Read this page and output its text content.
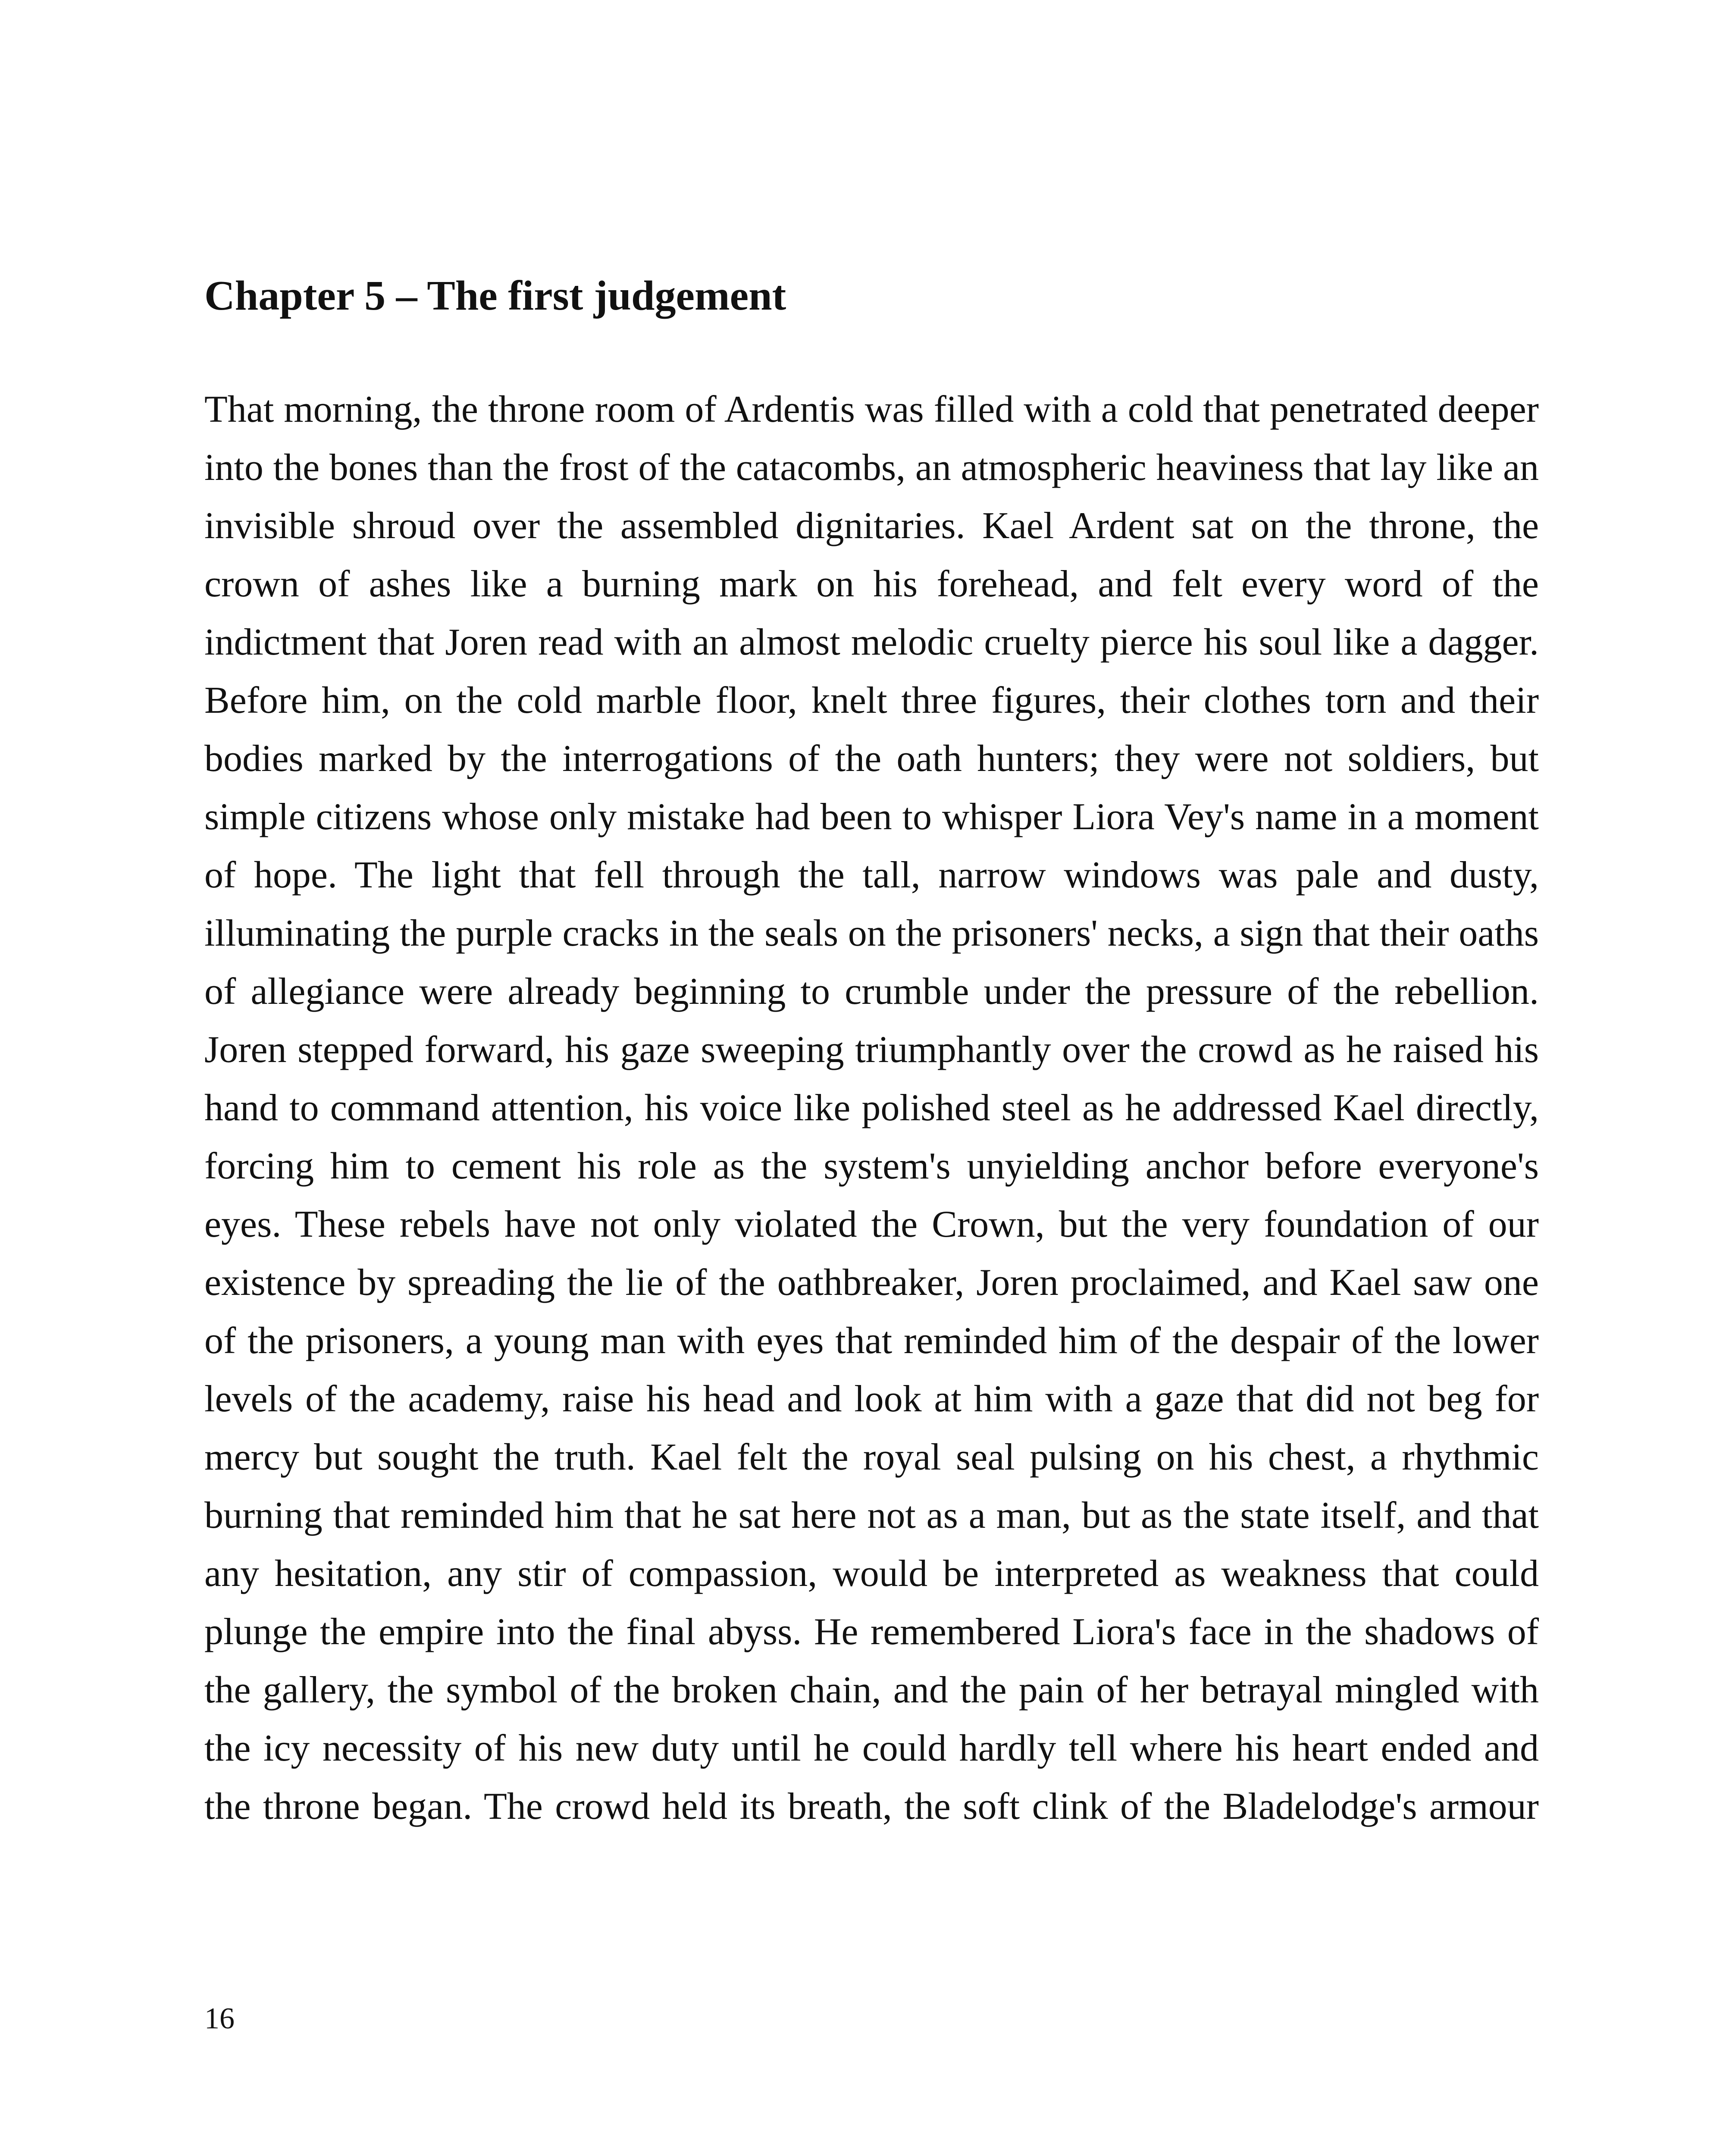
Chapter 5 – The first judgement

That morning, the throne room of Ardentis was filled with a cold that penetrated deeper into the bones than the frost of the catacombs, an atmospheric heaviness that lay like an invisible shroud over the assembled dignitaries. Kael Ardent sat on the throne, the crown of ashes like a burning mark on his forehead, and felt every word of the indictment that Joren read with an almost melodic cruelty pierce his soul like a dagger. Before him, on the cold marble floor, knelt three figures, their clothes torn and their bodies marked by the interrogations of the oath hunters; they were not soldiers, but simple citizens whose only mistake had been to whisper Liora Vey's name in a moment of hope. The light that fell through the tall, narrow windows was pale and dusty, illuminating the purple cracks in the seals on the prisoners' necks, a sign that their oaths of allegiance were already beginning to crumble under the pressure of the rebellion. Joren stepped forward, his gaze sweeping triumphantly over the crowd as he raised his hand to command attention, his voice like polished steel as he addressed Kael directly, forcing him to cement his role as the system's unyielding anchor before everyone's eyes. These rebels have not only violated the Crown, but the very foundation of our existence by spreading the lie of the oathbreaker, Joren proclaimed, and Kael saw one of the prisoners, a young man with eyes that reminded him of the despair of the lower levels of the academy, raise his head and look at him with a gaze that did not beg for mercy but sought the truth. Kael felt the royal seal pulsing on his chest, a rhythmic burning that reminded him that he sat here not as a man, but as the state itself, and that any hesitation, any stir of compassion, would be interpreted as weakness that could plunge the empire into the final abyss. He remembered Liora's face in the shadows of the gallery, the symbol of the broken chain, and the pain of her betrayal mingled with the icy necessity of his new duty until he could hardly tell where his heart ended and the throne began. The crowd held its breath, the soft clink of the Bladelodge's armour

16
